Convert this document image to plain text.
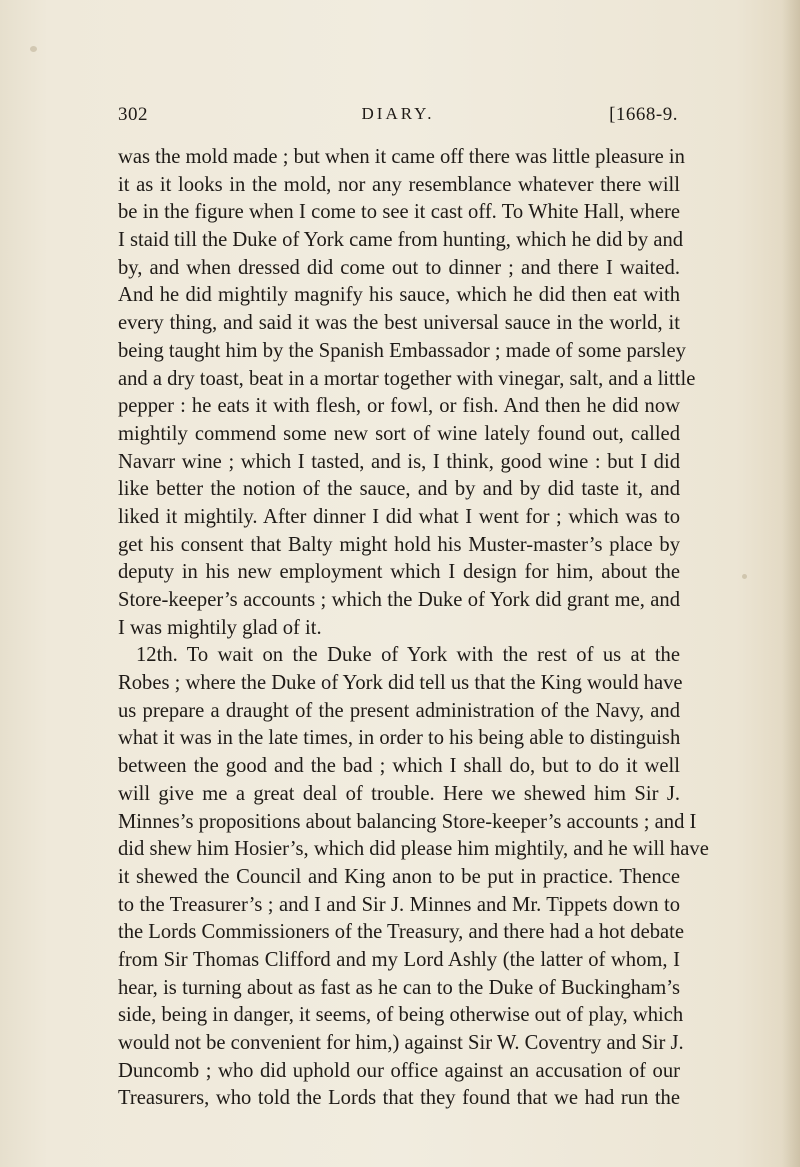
302	DIARY.	[1668-9.
was the mold made ; but when it came off there was little pleasure in
it as it looks in the mold, nor any resemblance whatever there will
be in the figure when I come to see it cast off. To White Hall, where
I staid till the Duke of York came from hunting, which he did by and
by, and when dressed did come out to dinner ; and there I waited.
And he did mightily magnify his sauce, which he did then eat with
every thing, and said it was the best universal sauce in the world, it
being taught him by the Spanish Embassador ; made of some parsley
and a dry toast, beat in a mortar together with vinegar, salt, and a little
pepper : he eats it with flesh, or fowl, or fish. And then he did now
mightily commend some new sort of wine lately found out, called
Navarr wine ; which I tasted, and is, I think, good wine : but I did
like better the notion of the sauce, and by and by did taste it, and
liked it mightily. After dinner I did what I went for ; which was to
get his consent that Balty might hold his Muster-master’s place by
deputy in his new employment which I design for him, about the
Store-keeper’s accounts ; which the Duke of York did grant me, and
I was mightily glad of it.
12th. To wait on the Duke of York with the rest of us at the
Robes ; where the Duke of York did tell us that the King would have
us prepare a draught of the present administration of the Navy, and
what it was in the late times, in order to his being able to distinguish
between the good and the bad ; which I shall do, but to do it well
will give me a great deal of trouble. Here we shewed him Sir J.
Minnes’s propositions about balancing Store-keeper’s accounts ; and I
did shew him Hosier’s, which did please him mightily, and he will have
it shewed the Council and King anon to be put in practice. Thence
to the Treasurer’s ; and I and Sir J. Minnes and Mr. Tippets down to
the Lords Commissioners of the Treasury, and there had a hot debate
from Sir Thomas Clifford and my Lord Ashly (the latter of whom, I
hear, is turning about as fast as he can to the Duke of Buckingham’s
side, being in danger, it seems, of being otherwise out of play, which
would not be convenient for him,) against Sir W. Coventry and Sir J.
Duncomb ; who did uphold our office against an accusation of our
Treasurers, who told the Lords that they found that we had run the
